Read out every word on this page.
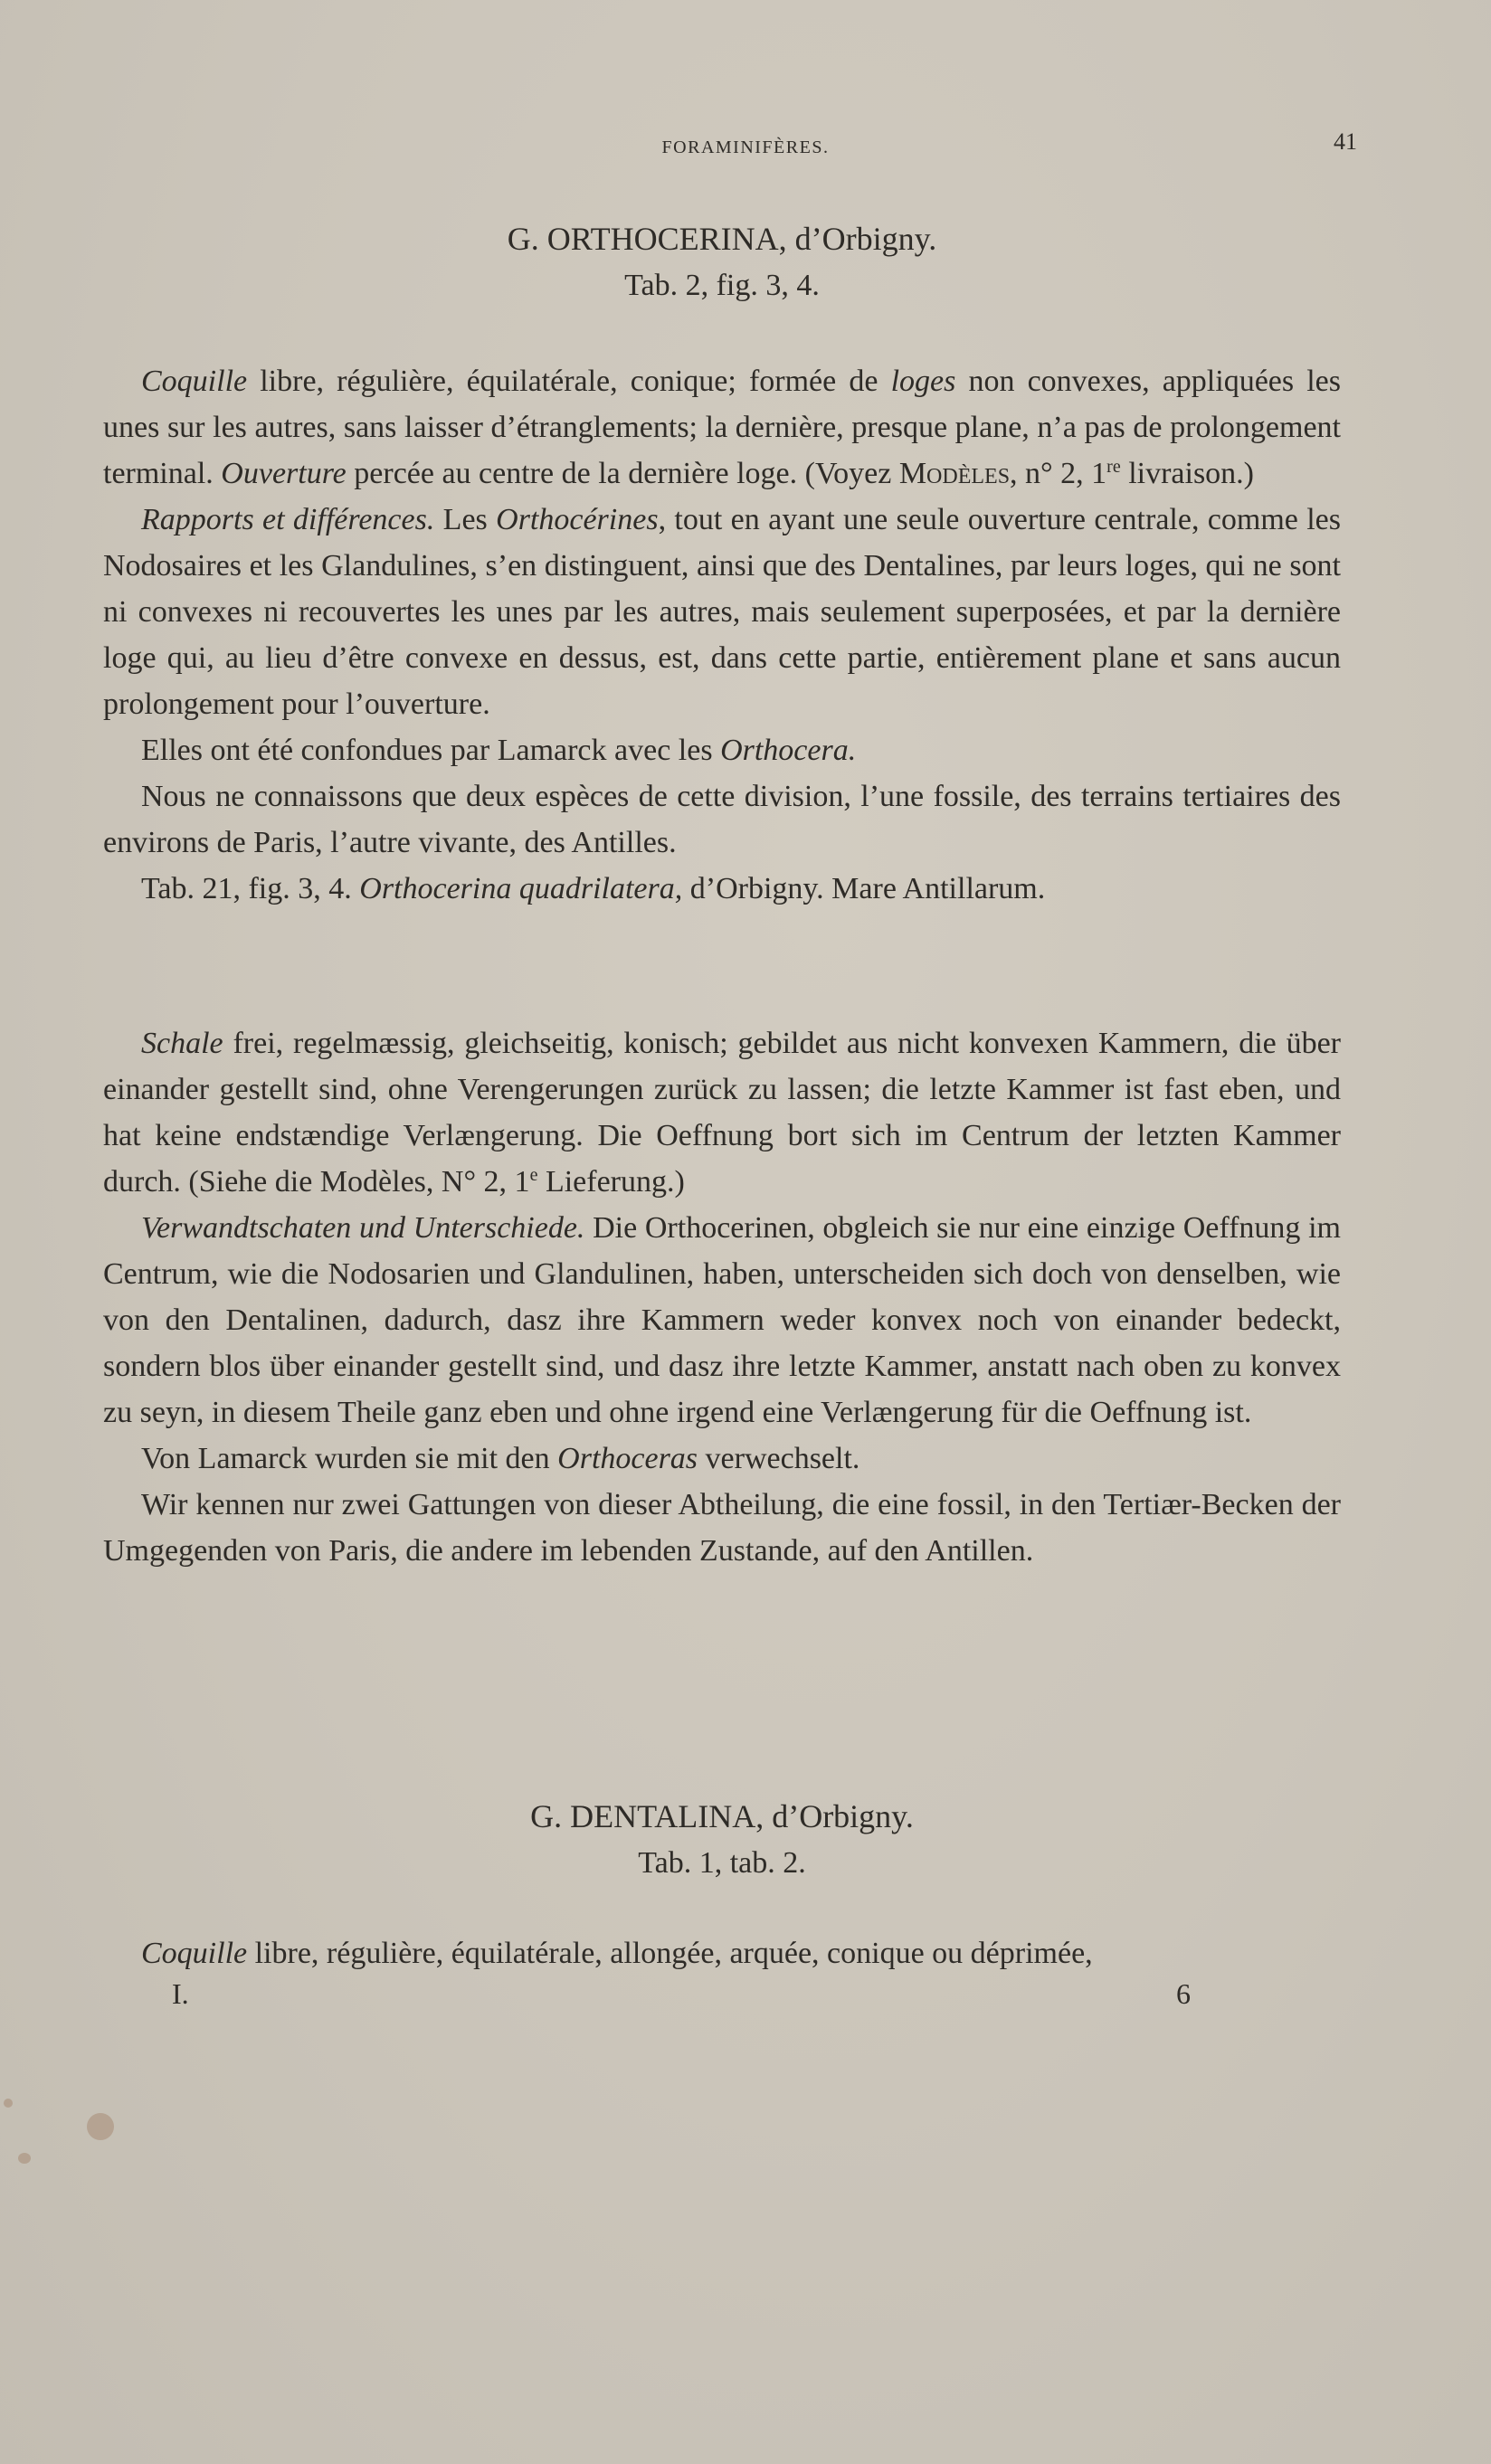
FORAMINIFÈRES.	41
G. ORTHOCERINA, d’Orbigny.
Tab. 2, fig. 3, 4.

Coquille libre, régulière, équilatérale, conique; formée de loges non convexes, appliquées les unes sur les autres, sans laisser d’étranglements; la dernière, presque plane, n’a pas de prolongement terminal. Ouverture percée au centre de la dernière loge. (Voyez Modèles, n° 2, 1re livraison.)

Rapports et différences. Les Orthocérines, tout en ayant une seule ouverture centrale, comme les Nodosaires et les Glandulines, s’en distinguent, ainsi que des Dentalines, par leurs loges, qui ne sont ni convexes ni recouvertes les unes par les autres, mais seulement superposées, et par la dernière loge qui, au lieu d’être convexe en dessus, est, dans cette partie, entièrement plane et sans aucun prolongement pour l’ouverture.

Elles ont été confondues par Lamarck avec les Orthocera.

Nous ne connaissons que deux espèces de cette division, l’une fossile, des terrains tertiaires des environs de Paris, l’autre vivante, des Antilles.

Tab. 21, fig. 3, 4. Orthocerina quadrilatera, d’Orbigny. Mare Antillarum.

Schale frei, regelmæssig, gleichseitig, konisch; gebildet aus nicht konvexen Kammern, die über einander gestellt sind, ohne Verengerungen zurück zu lassen; die letzte Kammer ist fast eben, und hat keine endstændige Verlængerung. Die Oeffnung bort sich im Centrum der letzten Kammer durch. (Siehe die Modèles, N° 2, 1e Lieferung.)

Verwandtschaten und Unterschiede. Die Orthocerinen, obgleich sie nur eine einzige Oeffnung im Centrum, wie die Nodosarien und Glandulinen, haben, unterscheiden sich doch von denselben, wie von den Dentalinen, dadurch, dasz ihre Kammern weder konvex noch von einander bedeckt, sondern blos über einander gestellt sind, und dasz ihre letzte Kammer, anstatt nach oben zu konvex zu seyn, in diesem Theile ganz eben und ohne irgend eine Verlængerung für die Oeffnung ist.

Von Lamarck wurden sie mit den Orthoceras verwechselt.

Wir kennen nur zwei Gattungen von dieser Abtheilung, die eine fossil, in den Tertiær-Becken der Umgegenden von Paris, die andere im lebenden Zustande, auf den Antillen.

G. DENTALINA, d’Orbigny.
Tab. 1, tab. 2.

Coquille libre, régulière, équilatérale, allongée, arquée, conique ou déprimée,

I.	6
